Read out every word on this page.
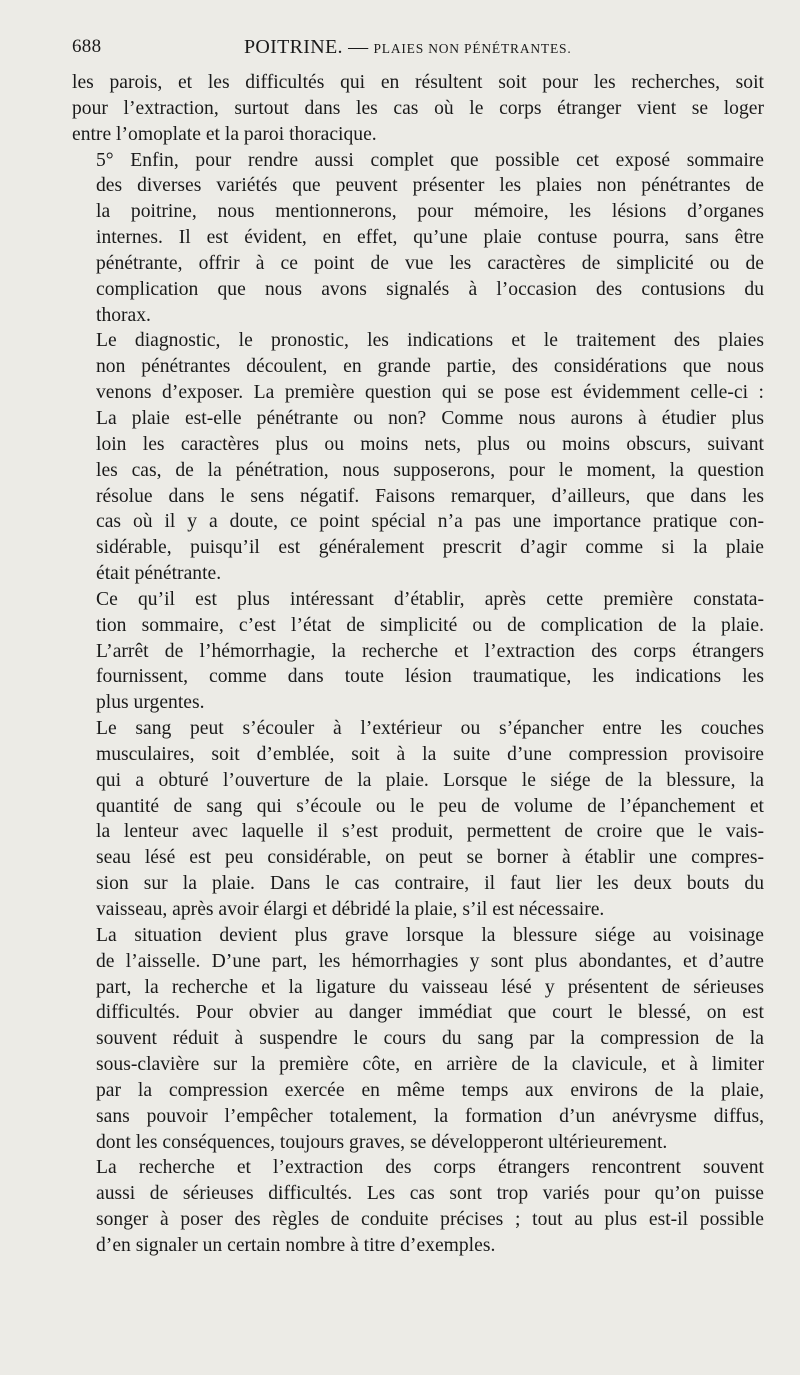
688	POITRINE. — PLAIES NON PÉNÉTRANTES.

les parois, et les difficultés qui en résultent soit pour les recherches, soit
pour l’extraction, surtout dans les cas où le corps étranger vient se loger
entre l’omoplate et la paroi thoracique.

5° Enfin, pour rendre aussi complet que possible cet exposé sommaire
des diverses variétés que peuvent présenter les plaies non pénétrantes de
la poitrine, nous mentionnerons, pour mémoire, les lésions d’organes
internes. Il est évident, en effet, qu’une plaie contuse pourra, sans être
pénétrante, offrir à ce point de vue les caractères de simplicité ou de
complication que nous avons signalés à l’occasion des contusions du
thorax.

Le diagnostic, le pronostic, les indications et le traitement des plaies
non pénétrantes découlent, en grande partie, des considérations que nous
venons d’exposer. La première question qui se pose est évidemment celle-ci :
La plaie est-elle pénétrante ou non? Comme nous aurons à étudier plus
loin les caractères plus ou moins nets, plus ou moins obscurs, suivant
les cas, de la pénétration, nous supposerons, pour le moment, la question
résolue dans le sens négatif. Faisons remarquer, d’ailleurs, que dans les
cas où il y a doute, ce point spécial n’a pas une importance pratique con-
sidérable, puisqu’il est généralement prescrit d’agir comme si la plaie
était pénétrante.

Ce qu’il est plus intéressant d’établir, après cette première constata-
tion sommaire, c’est l’état de simplicité ou de complication de la plaie.
L’arrêt de l’hémorrhagie, la recherche et l’extraction des corps étrangers
fournissent, comme dans toute lésion traumatique, les indications les
plus urgentes.

Le sang peut s’écouler à l’extérieur ou s’épancher entre les couches
musculaires, soit d’emblée, soit à la suite d’une compression provisoire
qui a obturé l’ouverture de la plaie. Lorsque le siége de la blessure, la
quantité de sang qui s’écoule ou le peu de volume de l’épanchement et
la lenteur avec laquelle il s’est produit, permettent de croire que le vais-
seau lésé est peu considérable, on peut se borner à établir une compres-
sion sur la plaie. Dans le cas contraire, il faut lier les deux bouts du
vaisseau, après avoir élargi et débridé la plaie, s’il est nécessaire.

La situation devient plus grave lorsque la blessure siége au voisinage
de l’aisselle. D’une part, les hémorrhagies y sont plus abondantes, et d’autre
part, la recherche et la ligature du vaisseau lésé y présentent de sérieuses
difficultés. Pour obvier au danger immédiat que court le blessé, on est
souvent réduit à suspendre le cours du sang par la compression de la
sous-clavière sur la première côte, en arrière de la clavicule, et à limiter
par la compression exercée en même temps aux environs de la plaie,
sans pouvoir l’empêcher totalement, la formation d’un anévrysme diffus,
dont les conséquences, toujours graves, se développeront ultérieurement.

La recherche et l’extraction des corps étrangers rencontrent souvent
aussi de sérieuses difficultés. Les cas sont trop variés pour qu’on puisse
songer à poser des règles de conduite précises ; tout au plus est-il possible
d’en signaler un certain nombre à titre d’exemples.
